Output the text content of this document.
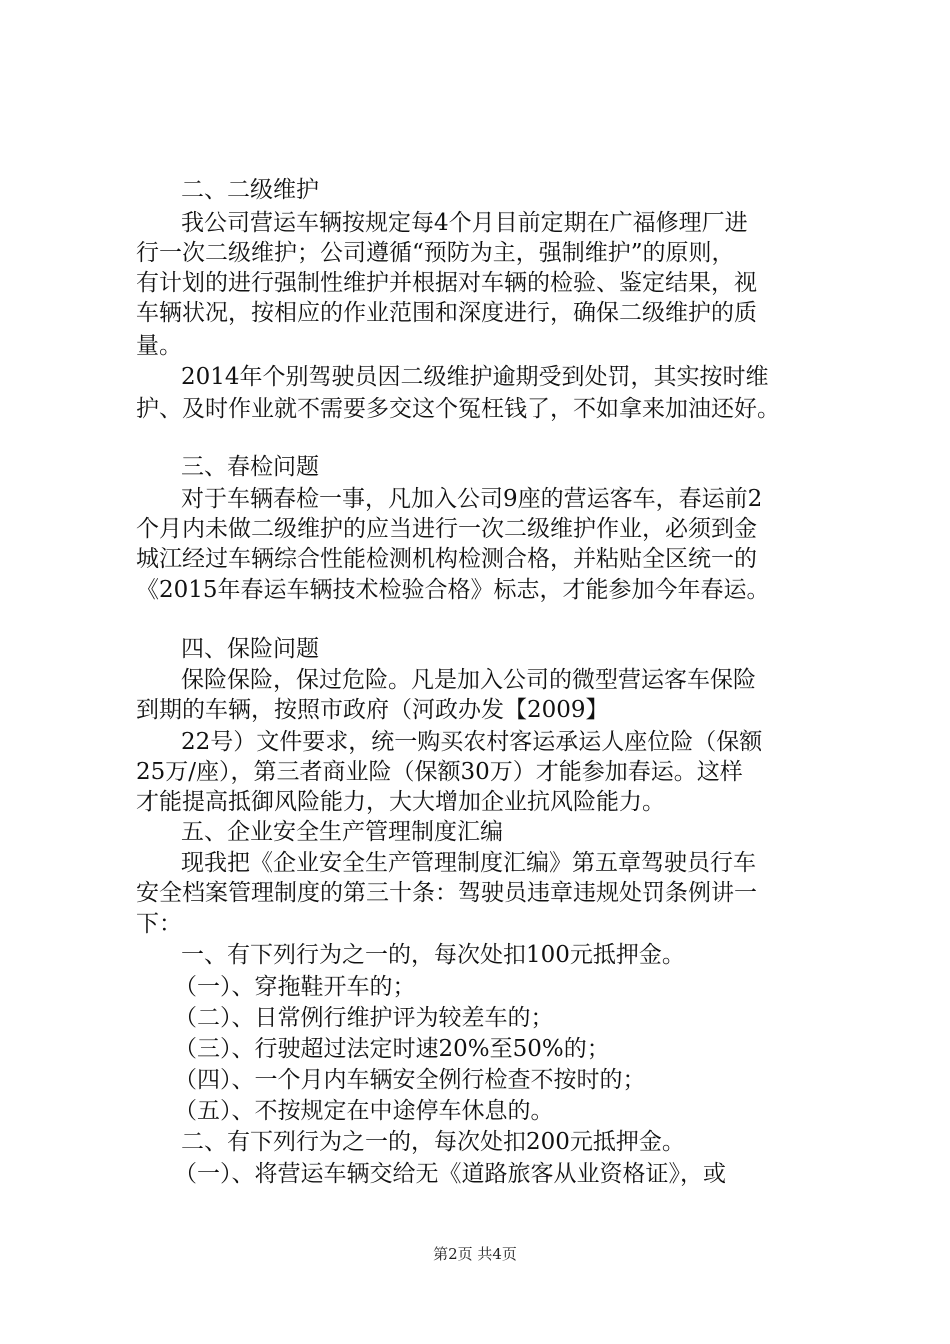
二、二级维护
我公司营运车辆按规定每4个月目前定期在广福修理厂进
行一次二级维护；公司遵循“预防为主，强制维护”的原则，
有计划的进行强制性维护并根据对车辆的检验、鉴定结果，视
车辆状况，按相应的作业范围和深度进行，确保二级维护的质
量。
2014年个别驾驶员因二级维护逾期受到处罚，其实按时维
护、及时作业就不需要多交这个冤枉钱了，不如拿来加油还好。
三、春检问题
对于车辆春检一事，凡加入公司9座的营运客车，春运前2
个月内未做二级维护的应当进行一次二级维护作业，必须到金
城江经过车辆综合性能检测机构检测合格，并粘贴全区统一的
《2015年春运车辆技术检验合格》标志，才能参加今年春运。
四、保险问题
保险保险，保过危险。凡是加入公司的微型营运客车保险
到期的车辆，按照市政府（河政办发【2009】
22号）文件要求，统一购买农村客运承运人座位险（保额
25万/座），第三者商业险（保额30万）才能参加春运。这样
才能提高抵御风险能力，大大增加企业抗风险能力。
五、企业安全生产管理制度汇编
现我把《企业安全生产管理制度汇编》第五章驾驶员行车
安全档案管理制度的第三十条：驾驶员违章违规处罚条例讲一
下：
一、有下列行为之一的，每次处扣100元抵押金。
（一）、穿拖鞋开车的；
（二）、日常例行维护评为较差车的；
（三）、行驶超过法定时速20%至50%的；
（四）、一个月内车辆安全例行检查不按时的；
（五）、不按规定在中途停车休息的。
二、有下列行为之一的，每次处扣200元抵押金。
（一）、将营运车辆交给无《道路旅客从业资格证》，或
第2页 共4页
